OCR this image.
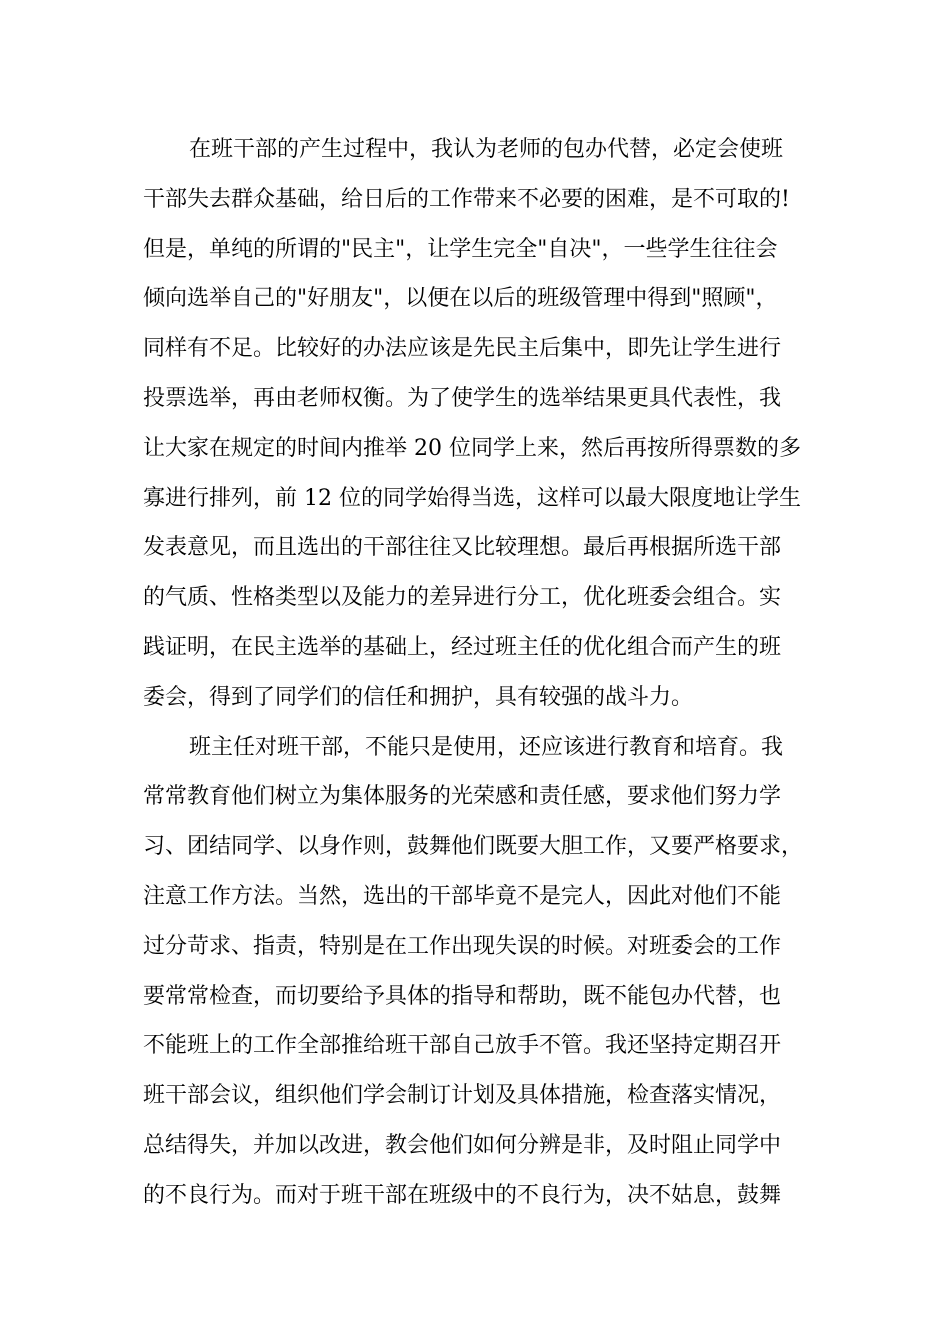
在班干部的产生过程中，我认为老师的包办代替，必定会使班
干部失去群众基础，给日后的工作带来不必要的困难，是不可取的!
但是，单纯的所谓的"民主"，让学生完全"自决"，一些学生往往会
倾向选举自己的"好朋友"，以便在以后的班级管理中得到"照顾"，
同样有不足。比较好的办法应该是先民主后集中，即先让学生进行
投票选举，再由老师权衡。为了使学生的选举结果更具代表性，我
让大家在规定的时间内推举 20 位同学上来，然后再按所得票数的多
寡进行排列，前 12 位的同学始得当选，这样可以最大限度地让学生
发表意见，而且选出的干部往往又比较理想。最后再根据所选干部
的气质、性格类型以及能力的差异进行分工，优化班委会组合。实
践证明，在民主选举的基础上，经过班主任的优化组合而产生的班
委会，得到了同学们的信任和拥护，具有较强的战斗力。
班主任对班干部，不能只是使用，还应该进行教育和培育。我
常常教育他们树立为集体服务的光荣感和责任感，要求他们努力学
习、团结同学、以身作则，鼓舞他们既要大胆工作，又要严格要求，
注意工作方法。当然，选出的干部毕竟不是完人，因此对他们不能
过分苛求、指责，特别是在工作出现失误的时候。对班委会的工作
要常常检查，而切要给予具体的指导和帮助，既不能包办代替，也
不能班上的工作全部推给班干部自己放手不管。我还坚持定期召开
班干部会议，组织他们学会制订计划及具体措施，检查落实情况，
总结得失，并加以改进，教会他们如何分辨是非，及时阻止同学中
的不良行为。而对于班干部在班级中的不良行为，决不姑息，鼓舞
